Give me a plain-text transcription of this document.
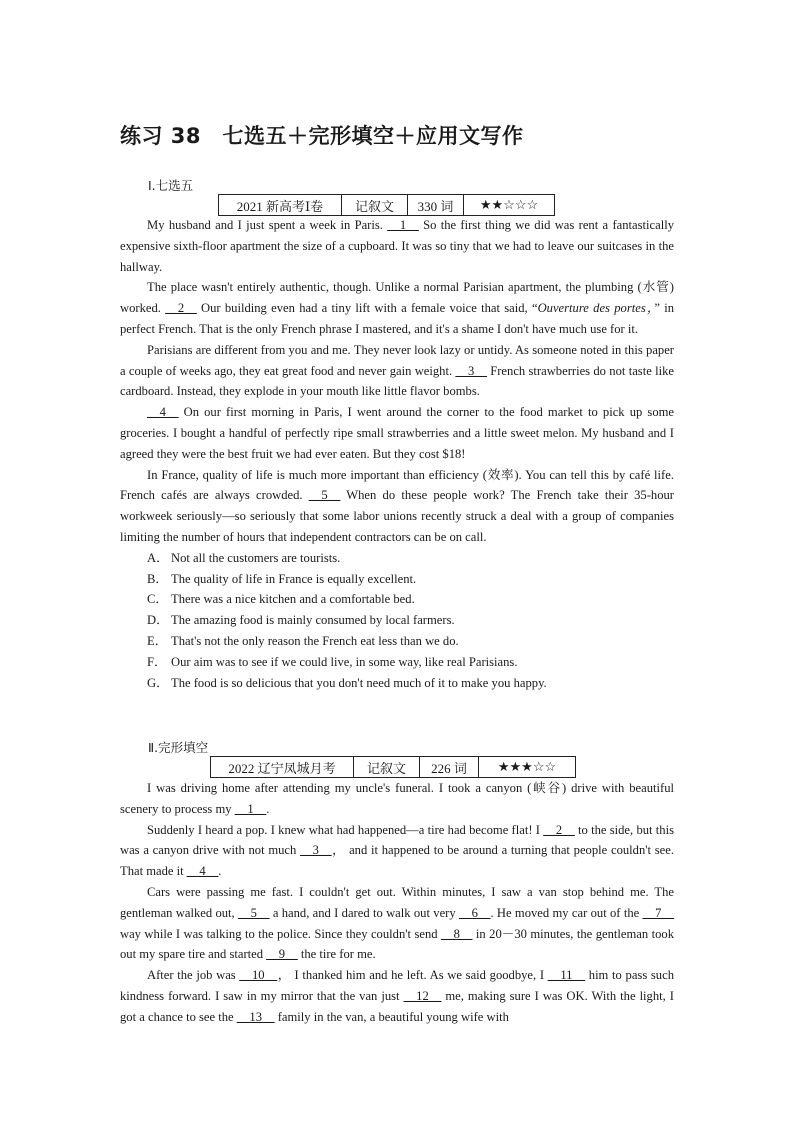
练习 38　七选五＋完形填空＋应用文写作
Ⅰ.七选五
2021 新高考Ⅰ卷	记叙文	330 词	★★☆☆☆

My husband and I just spent a week in Paris. __1__ So the first thing we did was rent a fantastically expensive sixth-floor apartment the size of a cupboard. It was so tiny that we had to leave our suitcases in the hallway.

The place wasn't entirely authentic, though. Unlike a normal Parisian apartment, the plumbing (水管) worked. __2__ Our building even had a tiny lift with a female voice that said, “Ouverture des portes，” in perfect French. That is the only French phrase I mastered, and it's a shame I don't have much use for it.

Parisians are different from you and me. They never look lazy or untidy. As someone noted in this paper a couple of weeks ago, they eat great food and never gain weight. __3__ French strawberries do not taste like cardboard. Instead, they explode in your mouth like little flavor bombs.

__4__ On our first morning in Paris, I went around the corner to the food market to pick up some groceries. I bought a handful of perfectly ripe small strawberries and a little sweet melon. My husband and I agreed they were the best fruit we had ever eaten. But they cost $18!

In France, quality of life is much more important than efficiency (效率). You can tell this by café life. French cafés are always crowded. __5__ When do these people work? The French take their 35-hour workweek seriously—so seriously that some labor unions recently struck a deal with a group of companies limiting the number of hours that independent contractors can be on call.

A． Not all the customers are tourists.
B． The quality of life in France is equally excellent.
C． There was a nice kitchen and a comfortable bed.
D． The amazing food is mainly consumed by local farmers.
E． That's not the only reason the French eat less than we do.
F． Our aim was to see if we could live, in some way, like real Parisians.
G． The food is so delicious that you don't need much of it to make you happy.
Ⅱ.完形填空
2022 辽宁凤城月考	记叙文	226 词	★★★☆☆

I was driving home after attending my uncle's funeral. I took a canyon (峡谷) drive with beautiful scenery to process my __1__.

Suddenly I heard a pop. I knew what had happened—a tire had become flat! I __2__ to the side, but this was a canyon drive with not much __3__， and it happened to be around a turning that people couldn't see. That made it __4__.

Cars were passing me fast. I couldn't get out. Within minutes, I saw a van stop behind me. The gentleman walked out, __5__ a hand, and I dared to walk out very __6__. He moved my car out of the __7__ way while I was talking to the police. Since they couldn't send __8__ in 20－30 minutes, the gentleman took out my spare tire and started __9__ the tire for me.

After the job was __10__， I thanked him and he left. As we said goodbye, I __11__ him to pass such kindness forward. I saw in my mirror that the van just __12__ me, making sure I was OK. With the light, I got a chance to see the __13__ family in the van, a beautiful young wife with
